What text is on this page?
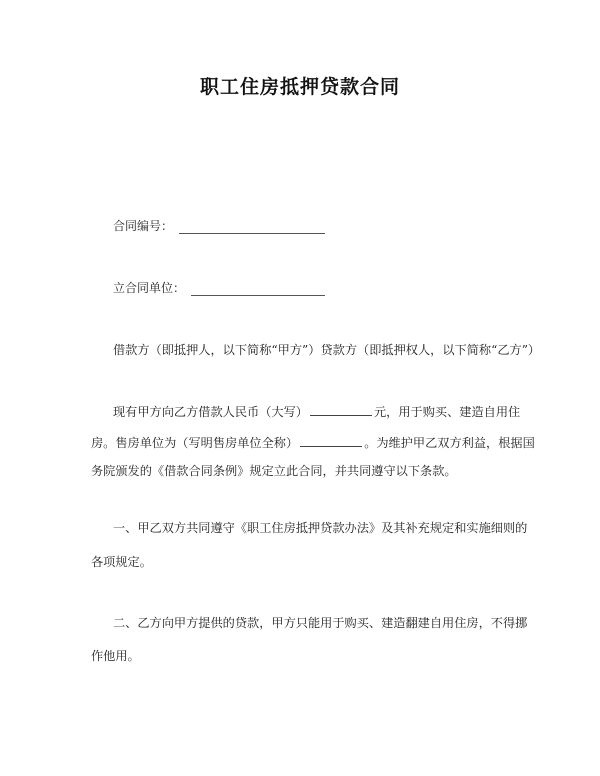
职工住房抵押贷款合同
合同编号：
立合同单位：
借款方（即抵押人，以下简称“甲方”）贷款方（即抵押权人，以下简称“乙方”）
现有甲方向乙方借款人民币（大写）	元，用于购买、建造自用住
房。售房单位为（写明售房单位全称）	。为维护甲乙双方利益，根据国
务院颁发的《借款合同条例》规定立此合同，并共同遵守以下条款。
一、甲乙双方共同遵守《职工住房抵押贷款办法》及其补充规定和实施细则的
各项规定。
二、乙方向甲方提供的贷款，甲方只能用于购买、建造翻建自用住房，不得挪
作他用。
